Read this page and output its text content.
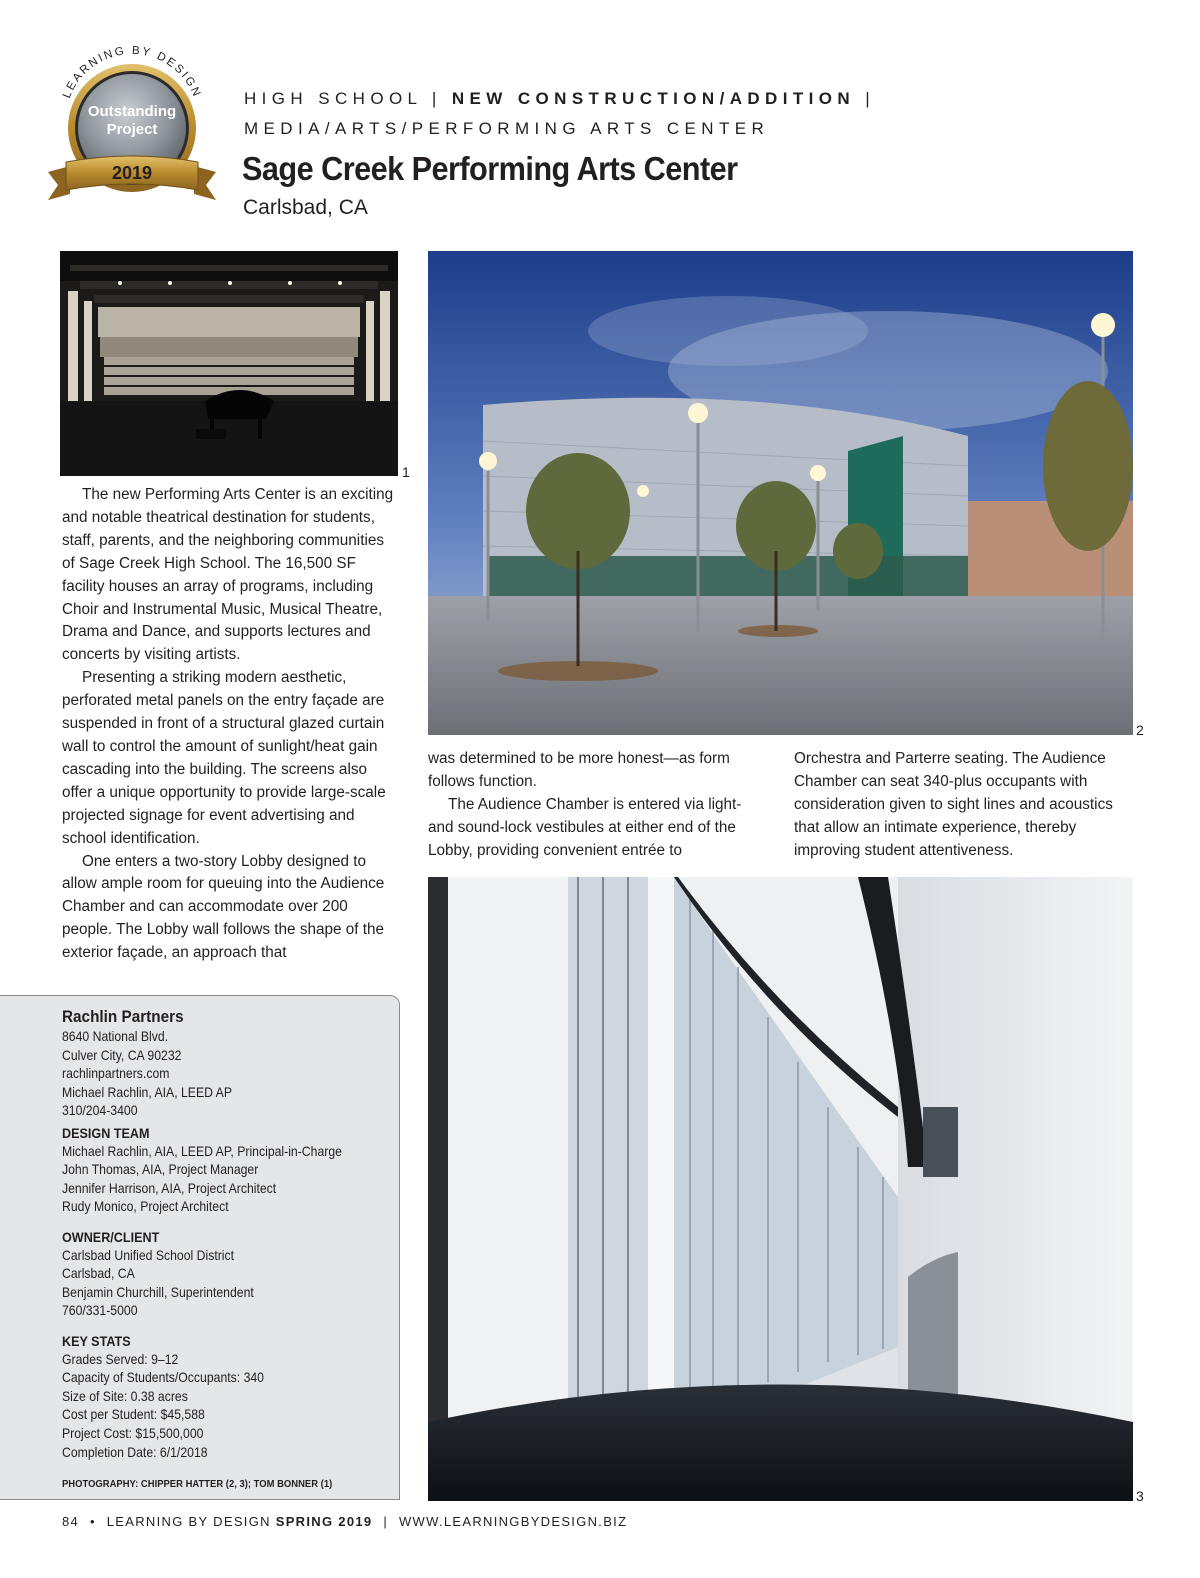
LEARNING BY DESIGN
Outstanding
Project
2019
HIGH SCHOOL | NEW CONSTRUCTION/ADDITION |
MEDIA/ARTS/PERFORMING ARTS CENTER
Sage Creek Performing Arts Center
Carlsbad, CA
1
2
3

The new Performing Arts Center is an exciting and notable theatrical destination for students, staff, parents, and the neighboring communities of Sage Creek High School. The 16,500 SF facility houses an array of programs, including Choir and Instrumental Music, Musical Theatre, Drama and Dance, and supports lectures and concerts by visiting artists.

Presenting a striking modern aesthetic, perforated metal panels on the entry façade are suspended in front of a structural glazed curtain wall to control the amount of sunlight/heat gain cascading into the building. The screens also offer a unique opportunity to provide large-scale projected signage for event advertising and school identification.

One enters a two-story Lobby designed to allow ample room for queuing into the Audience Chamber and can accommodate over 200 people. The Lobby wall follows the shape of the exterior façade, an approach that

was determined to be more honest—as form follows function.

The Audience Chamber is entered via light- and sound-lock vestibules at either end of the Lobby, providing convenient entrée to

Orchestra and Parterre seating. The Audience Chamber can seat 340-plus occupants with consideration given to sight lines and acoustics that allow an intimate experience, thereby improving student attentiveness.

Rachlin Partners
8640 National Blvd.
Culver City, CA 90232
rachlinpartners.com
Michael Rachlin, AIA, LEED AP
310/204-3400
DESIGN TEAM
Michael Rachlin, AIA, LEED AP, Principal-in-Charge
John Thomas, AIA, Project Manager
Jennifer Harrison, AIA, Project Architect
Rudy Monico, Project Architect
OWNER/CLIENT
Carlsbad Unified School District
Carlsbad, CA
Benjamin Churchill, Superintendent
760/331-5000
KEY STATS
Grades Served: 9–12
Capacity of Students/Occupants: 340
Size of Site: 0.38 acres
Cost per Student: $45,588
Project Cost: $15,500,000
Completion Date: 6/1/2018
PHOTOGRAPHY: CHIPPER HATTER (2, 3); TOM BONNER (1)
84 • LEARNING BY DESIGN SPRING 2019 | WWW.LEARNINGBYDESIGN.BIZ
